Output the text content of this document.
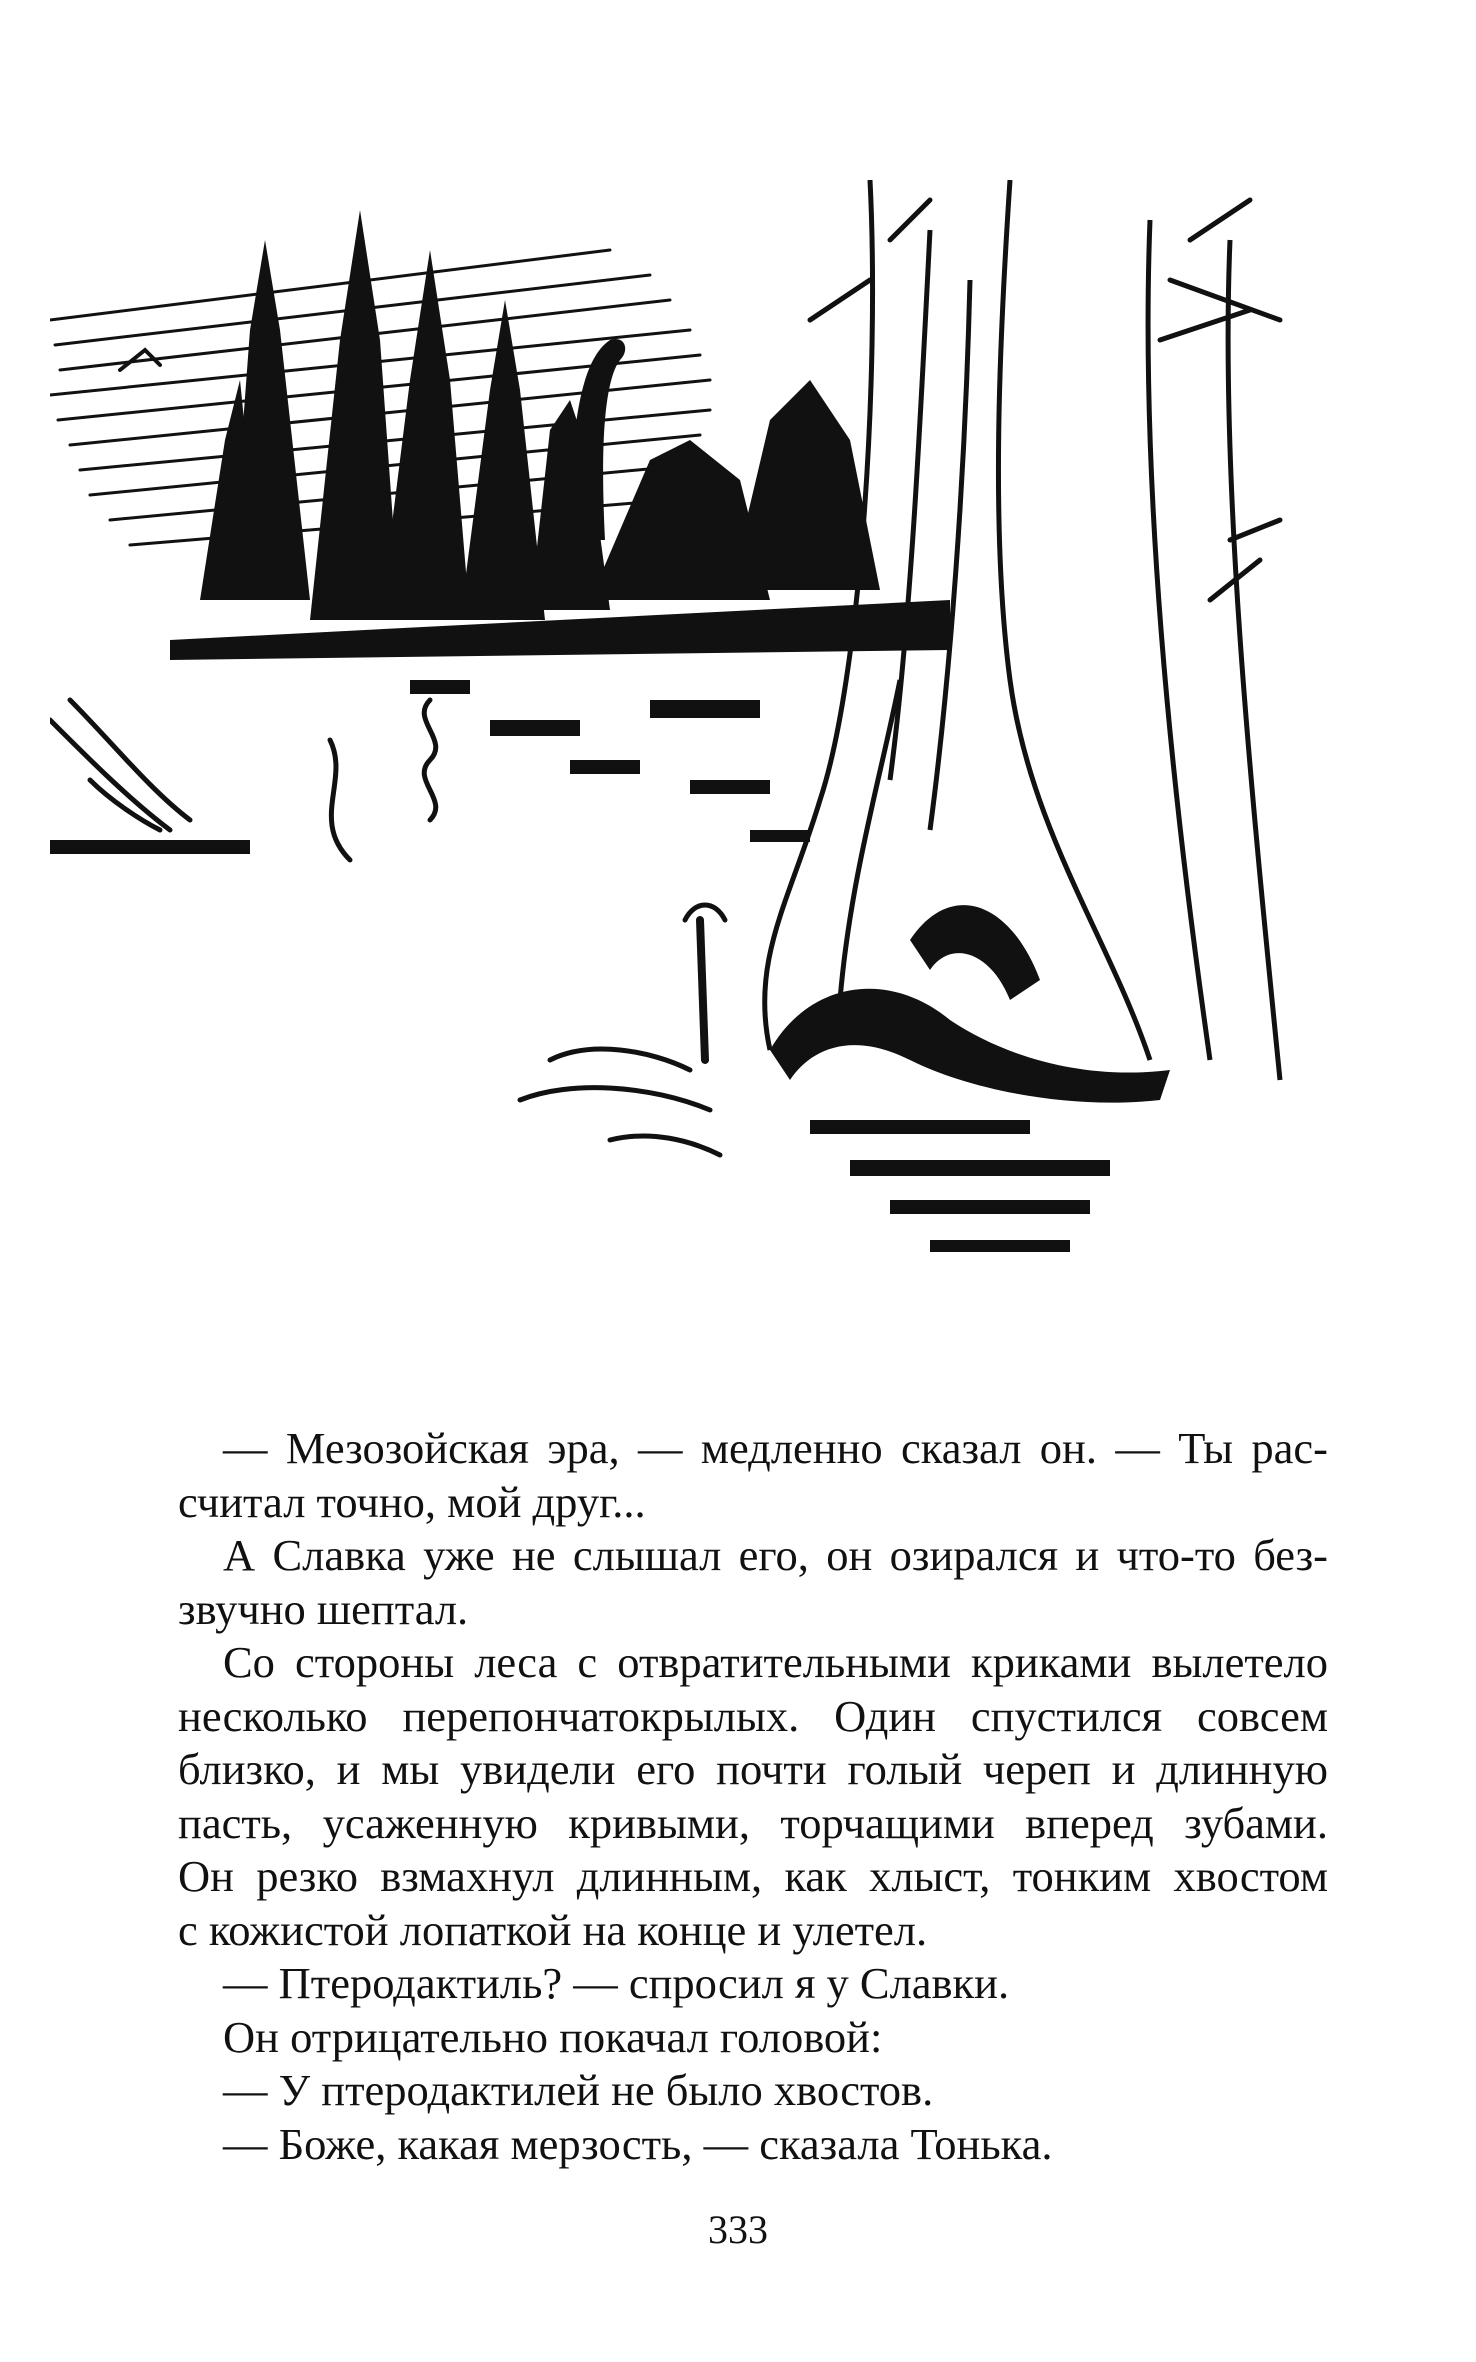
— Мезозойская эра, — медленно сказал он. — Ты рас-

считал точно, мой друг...

А Славка уже не слышал его, он озирался и что-то без-

звучно шептал.

Со стороны леса с отвратительными криками вылетело

несколько перепончатокрылых. Один спустился совсем

близко, и мы увидели его почти голый череп и длинную

пасть, усаженную кривыми, торчащими вперед зубами.

Он резко взмахнул длинным, как хлыст, тонким хвостом

с кожистой лопаткой на конце и улетел.

— Птеродактиль? — спросил я у Славки.

Он отрицательно покачал головой:

— У птеродактилей не было хвостов.

— Боже, какая мерзость, — сказала Тонька.

333
